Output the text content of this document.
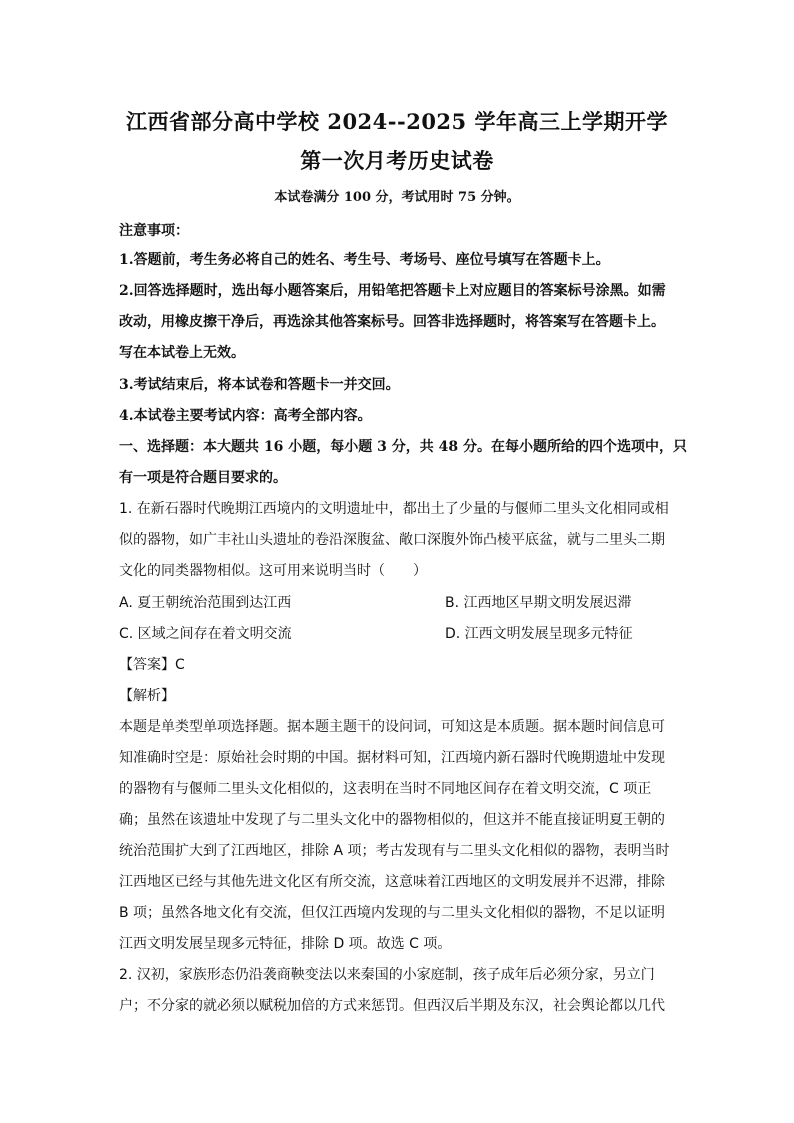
江西省部分高中学校 2024--2025 学年高三上学期开学
第一次月考历史试卷
本试卷满分 100 分，考试用时 75 分钟。
注意事项：
1.答题前，考生务必将自己的姓名、考生号、考场号、座位号填写在答题卡上。
2.回答选择题时，选出每小题答案后，用铅笔把答题卡上对应题目的答案标号涂黑。如需
改动，用橡皮擦干净后，再选涂其他答案标号。回答非选择题时，将答案写在答题卡上。
写在本试卷上无效。
3.考试结束后，将本试卷和答题卡一并交回。
4.本试卷主要考试内容：高考全部内容。
一、选择题：本大题共 16 小题，每小题 3 分，共 48 分。在每小题所给的四个选项中，只
有一项是符合题目要求的。
1. 在新石器时代晚期江西境内的文明遗址中，都出土了少量的与偃师二里头文化相同或相
似的器物，如广丰社山头遗址的卷沿深腹盆、敞口深腹外饰凸棱平底盆，就与二里头二期
文化的同类器物相似。这可用来说明当时（　　）
A. 夏王朝统治范围到达江西	B. 江西地区早期文明发展迟滞
C. 区域之间存在着文明交流	D. 江西文明发展呈现多元特征
【答案】C
【解析】
本题是单类型单项选择题。据本题主题干的设问词，可知这是本质题。据本题时间信息可
知准确时空是：原始社会时期的中国。据材料可知，江西境内新石器时代晚期遗址中发现
的器物有与偃师二里头文化相似的，这表明在当时不同地区间存在着文明交流，C 项正
确；虽然在该遗址中发现了与二里头文化中的器物相似的，但这并不能直接证明夏王朝的
统治范围扩大到了江西地区，排除 A 项；考古发现有与二里头文化相似的器物，表明当时
江西地区已经与其他先进文化区有所交流，这意味着江西地区的文明发展并不迟滞，排除
B 项；虽然各地文化有交流，但仅江西境内发现的与二里头文化相似的器物，不足以证明
江西文明发展呈现多元特征，排除 D 项。故选 C 项。
2. 汉初，家族形态仍沿袭商鞅变法以来秦国的小家庭制，孩子成年后必须分家，另立门
户；不分家的就必须以赋税加倍的方式来惩罚。但西汉后半期及东汉，社会舆论都以几代
